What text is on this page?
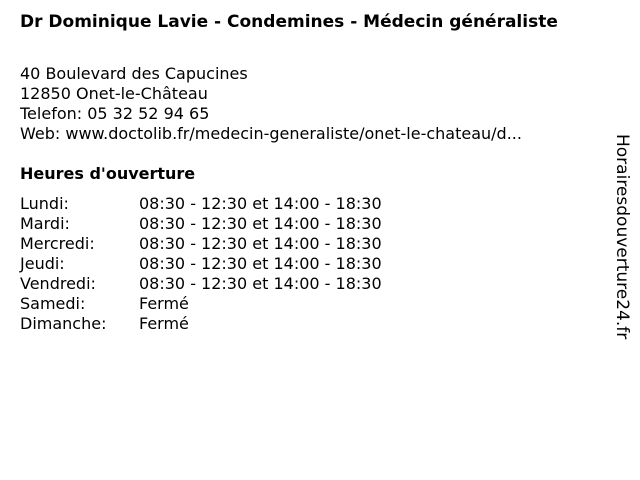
Dr Dominique Lavie - Condemines - Médecin généraliste
40 Boulevard des Capucines
12850 Onet-le-Château
Telefon: 05 32 52 94 65
Web: www.doctolib.fr/medecin-generaliste/onet-le-chateau/d...
Heures d'ouverture
Lundi:	08:30 - 12:30 et 14:00 - 18:30
Mardi:	08:30 - 12:30 et 14:00 - 18:30
Mercredi:	08:30 - 12:30 et 14:00 - 18:30
Jeudi:	08:30 - 12:30 et 14:00 - 18:30
Vendredi:	08:30 - 12:30 et 14:00 - 18:30
Samedi:	Fermé
Dimanche:	Fermé	Horairesdouverture24.fr
